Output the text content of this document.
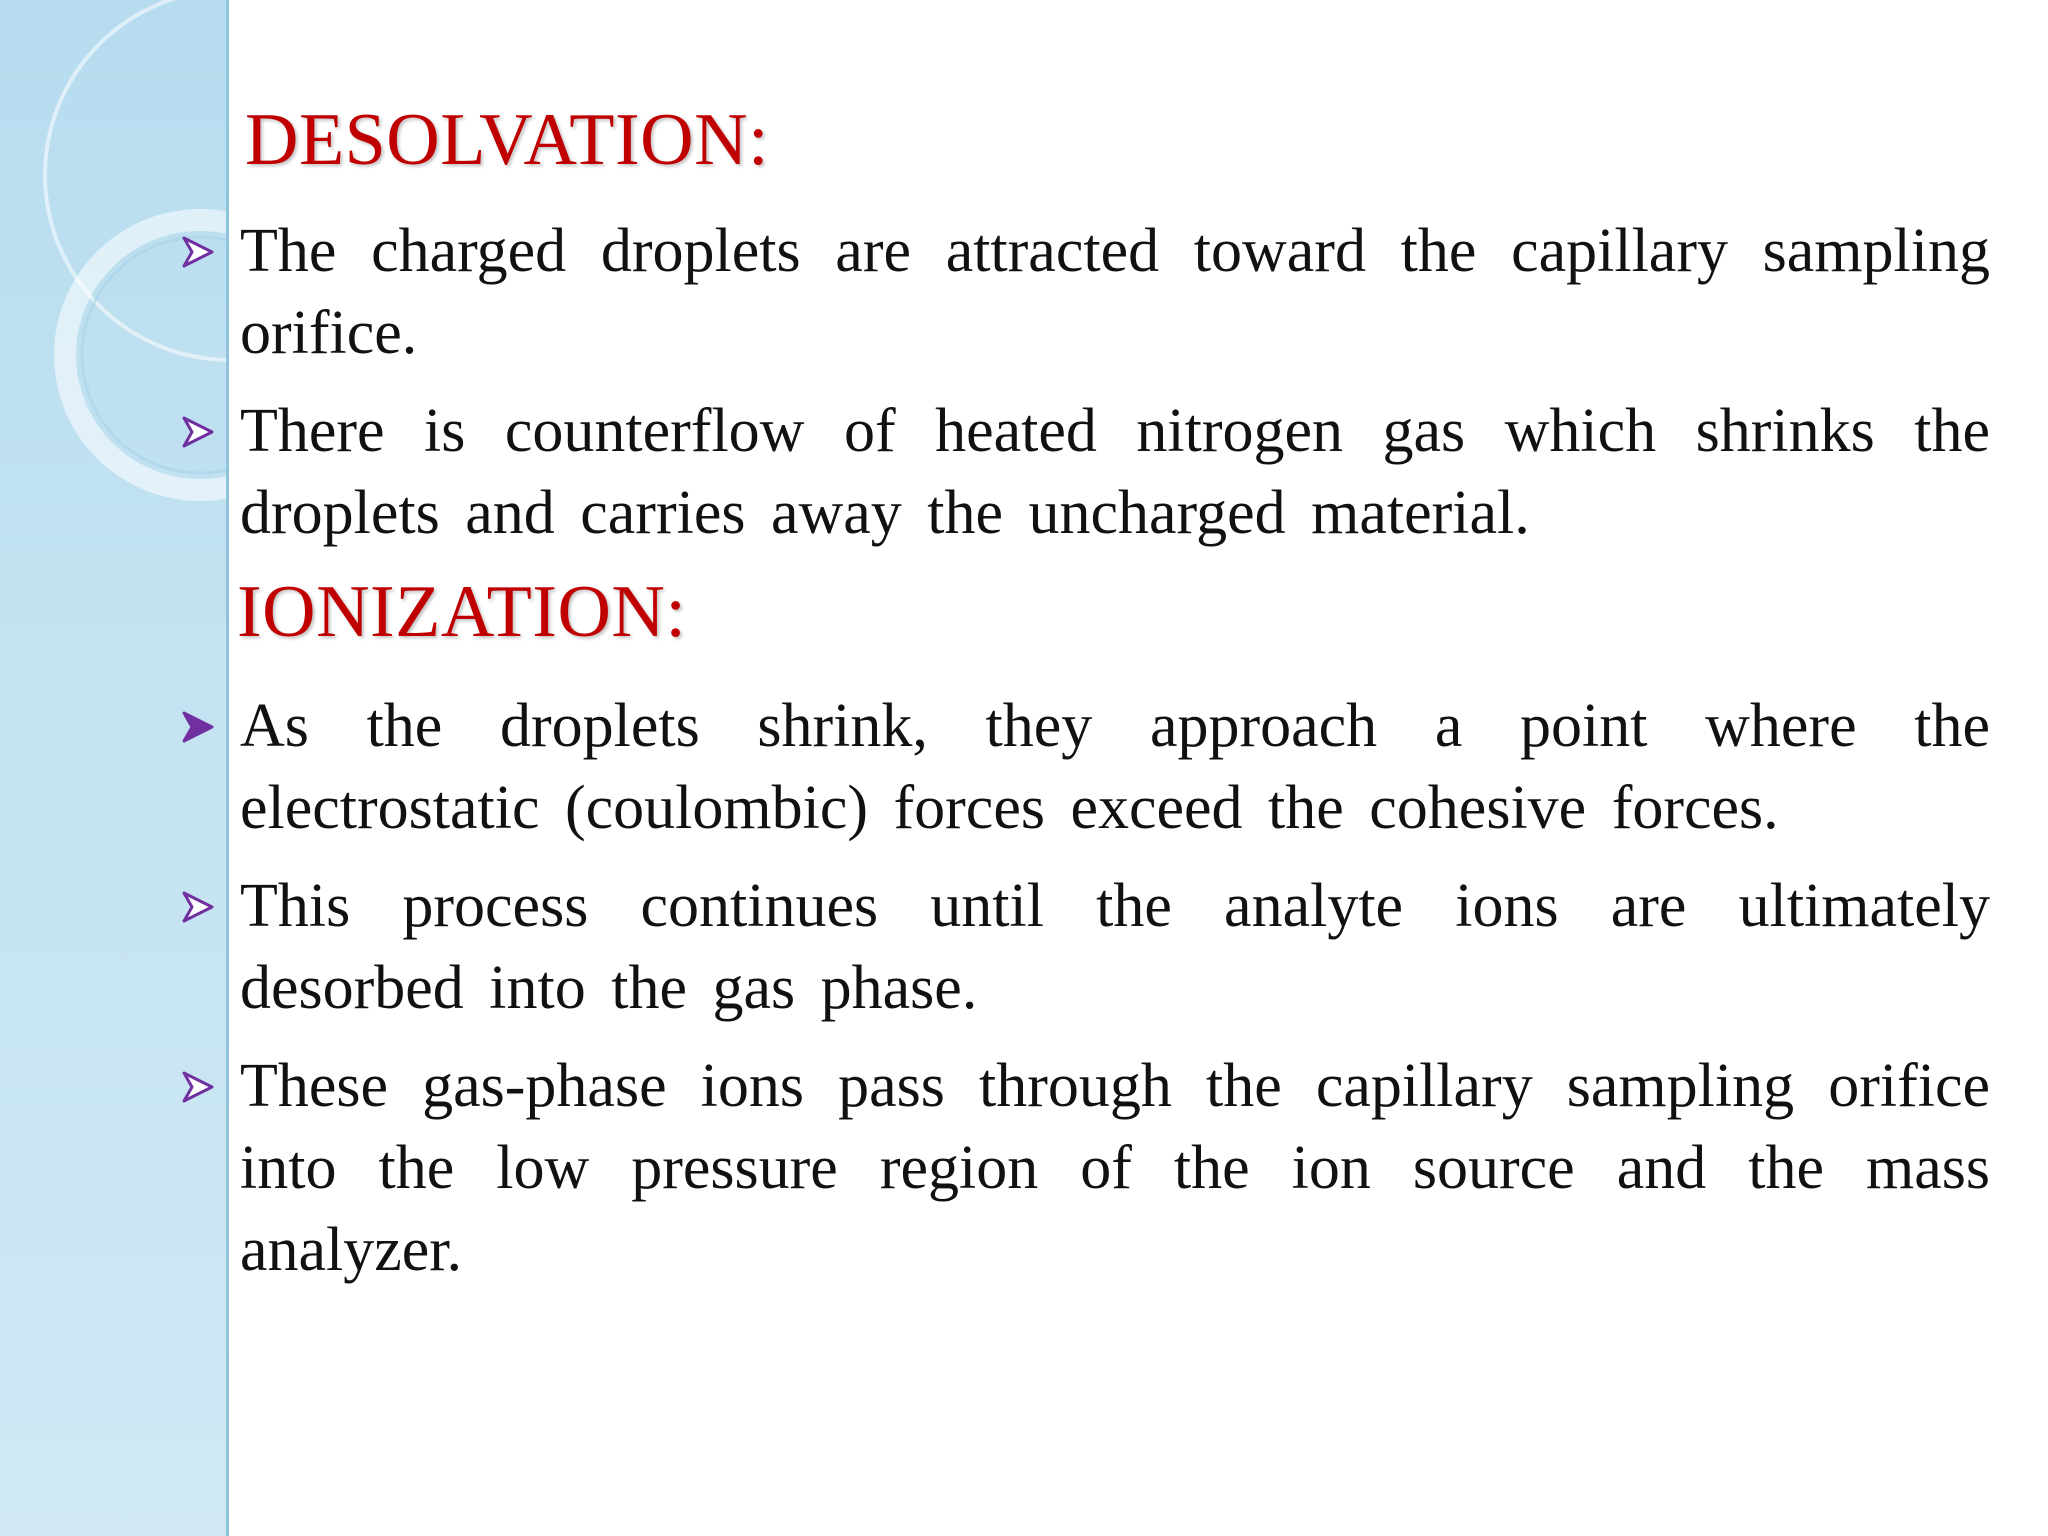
DESOLVATION:
The charged droplets are attracted toward the capillary sampling orifice.
There is counterflow of heated nitrogen gas which shrinks the droplets and carries away the uncharged material.
IONIZATION:
As the droplets shrink, they approach a point where the electrostatic (coulombic) forces exceed the cohesive forces.
This process continues until the analyte ions are ultimately desorbed into the gas phase.
These gas-phase ions pass through the capillary sampling orifice into the low pressure region of the ion source and the mass analyzer.
